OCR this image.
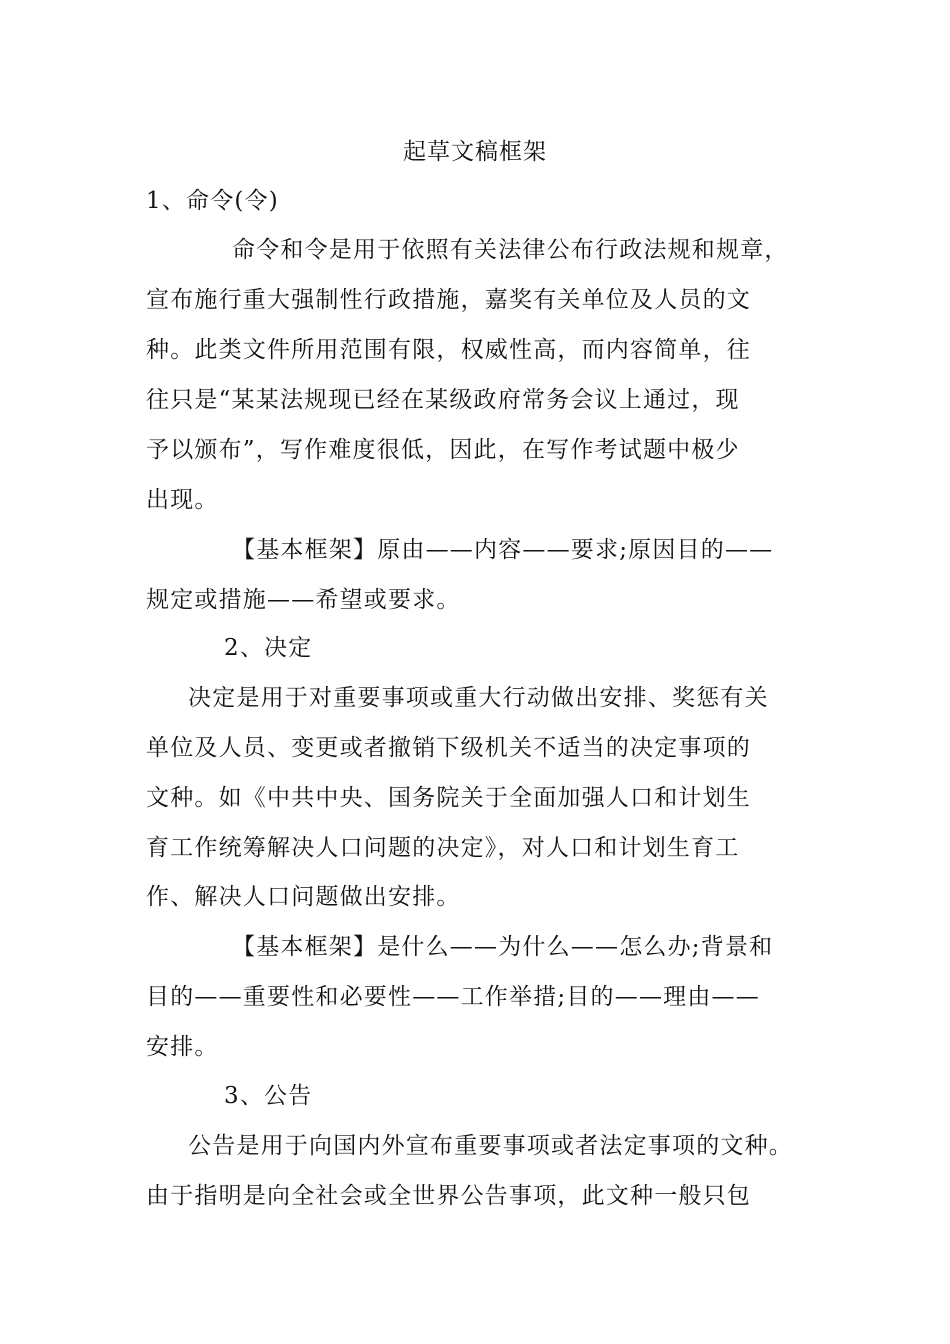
起草文稿框架
1、命令(令)
命令和令是用于依照有关法律公布行政法规和规章，
宣布施行重大强制性行政措施，嘉奖有关单位及人员的文
种。此类文件所用范围有限，权威性高，而内容简单，往
往只是“某某法规现已经在某级政府常务会议上通过，现
予以颁布”，写作难度很低，因此，在写作考试题中极少
出现。
【基本框架】原由——内容——要求;原因目的——
规定或措施——希望或要求。
2、决定
决定是用于对重要事项或重大行动做出安排、奖惩有关
单位及人员、变更或者撤销下级机关不适当的决定事项的
文种。如《中共中央、国务院关于全面加强人口和计划生
育工作统筹解决人口问题的决定》，对人口和计划生育工
作、解决人口问题做出安排。
【基本框架】是什么——为什么——怎么办;背景和
目的——重要性和必要性——工作举措;目的——理由——
安排。
3、公告
公告是用于向国内外宣布重要事项或者法定事项的文种。
由于指明是向全社会或全世界公告事项，此文种一般只包
